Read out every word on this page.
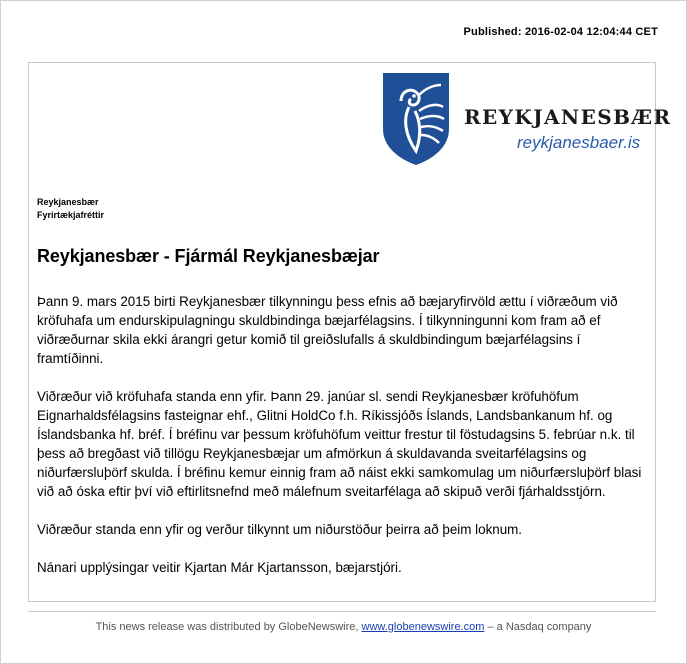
Published: 2016-02-04 12:04:44 CET
REYKJANESBÆR
reykjanesbaer.is
Reykjanesbær
Fyrirtækjafréttir
Reykjanesbær - Fjármál Reykjanesbæjar

Þann 9. mars 2015 birti Reykjanesbær tilkynningu þess efnis að bæjaryfirvöld ættu í viðræðum við kröfuhafa um endurskipulagningu skuldbindinga bæjarfélagsins. Í tilkynningunni kom fram að ef viðræðurnar skila ekki árangri getur komið til greiðslufalls á skuldbindingum bæjarfélagsins í framtíðinni.

Viðræður við kröfuhafa standa enn yfir. Þann 29. janúar sl. sendi Reykjanesbær kröfuhöfum Eignarhaldsfélagsins fasteignar ehf., Glitni HoldCo f.h. Ríkissjóðs Íslands, Landsbankanum hf. og Íslandsbanka hf. bréf. Í bréfinu var þessum kröfuhöfum veittur frestur til föstudagsins 5. febrúar n.k. til þess að bregðast við tillögu Reykjanesbæjar um afmörkun á skuldavanda sveitarfélagsins og niðurfærsluþörf skulda. Í bréfinu kemur einnig fram að náist ekki samkomulag um niðurfærsluþörf blasi við að óska eftir því við eftirlitsnefnd með málefnum sveitarfélaga að skipuð verði fjárhaldsstjórn.

Viðræður standa enn yfir og verður tilkynnt um niðurstöður þeirra að þeim loknum.

Nánari upplýsingar veitir Kjartan Már Kjartansson, bæjarstjóri.

This news release was distributed by GlobeNewswire, www.globenewswire.com – a Nasdaq company
